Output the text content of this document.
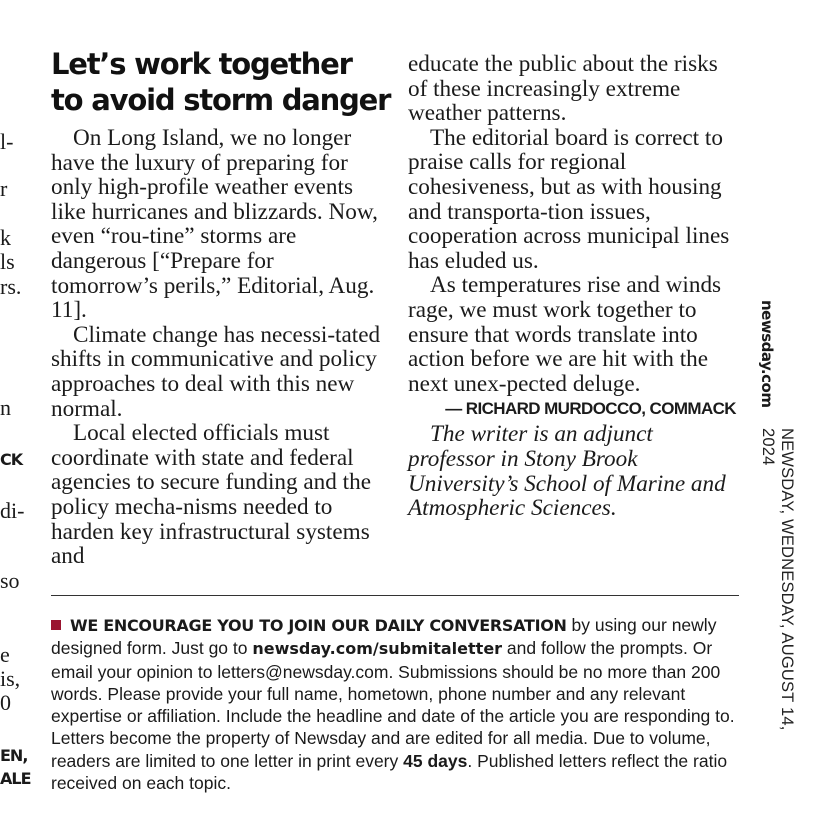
l-
r
k
ls
rs.
n
CK
di-
so
e
is,
0
EN,
ALE
Let’s work together
to avoid storm danger

On Long Island, we no longer have the luxury of preparing for only high-profile weather events like hurricanes and blizzards. Now, even “rou-tine” storms are dangerous [“Prepare for tomorrow’s perils,” Editorial, Aug. 11].

Climate change has necessi-tated shifts in communicative and policy approaches to deal with this new normal.

Local elected officials must coordinate with state and federal agencies to secure funding and the policy mecha-nisms needed to harden key infrastructural systems and

educate the public about the risks of these increasingly extreme weather patterns.

The editorial board is correct to praise calls for regional cohesiveness, but as with housing and transporta-tion issues, cooperation across municipal lines has eluded us.

As temperatures rise and winds rage, we must work together to ensure that words translate into action before we are hit with the next unex-pected deluge.

— RICHARD MURDOCCO, COMMACK

The writer is an adjunct professor in Stony Brook University’s School of Marine and Atmospheric Sciences.

newsday.com
NEWSDAY, WEDNESDAY, AUGUST 14, 2024

WE ENCOURAGE YOU TO JOIN OUR DAILY CONVERSATION by using our newly designed form. Just go to newsday.com/submitaletter and follow the prompts. Or email your opinion to letters@newsday.com. Submissions should be no more than 200 words. Please provide your full name, hometown, phone number and any relevant expertise or affiliation. Include the headline and date of the article you are responding to. Letters become the property of Newsday and are edited for all media. Due to volume, readers are limited to one letter in print every 45 days. Published letters reflect the ratio received on each topic.
